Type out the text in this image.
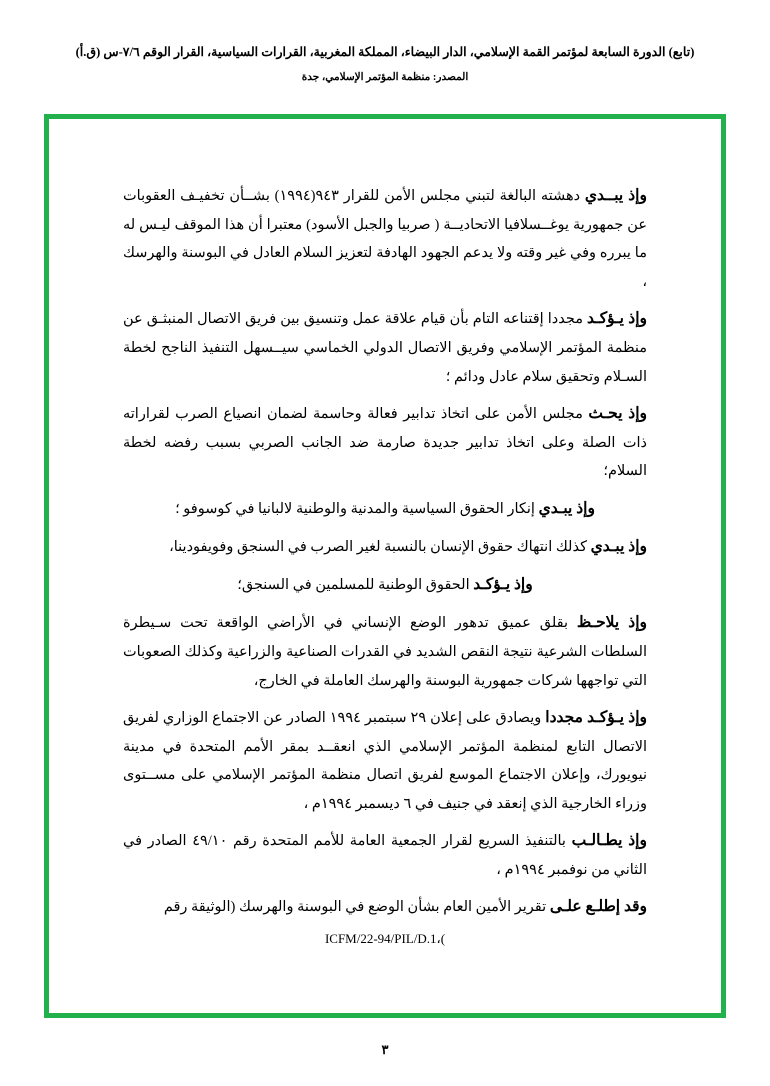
(تابع) الدورة السابعة لمؤتمر القمة الإسلامي، الدار البيضاء، المملكة المغربية، القرارات السياسية، القرار الوقم ٧/٦-س (ق.أ)
المصدر: منظمة المؤتمر الإسلامي، جدة

وإذ يبــدي دهشته البالغة لتبني مجلس الأمن للقرار ٩٤٣(١٩٩٤) بشــأن تخفيـف العقوبات عن جمهورية يوغــسلافيا الاتحاديــة ( صربيا والجبل الأسود) معتبرا أن هذا الموقف ليـس له ما يبرره وفي غير وقته ولا يدعم الجهود الهادفة لتعزيز السلام العادل في البوسنة والهرسك ،

وإذ يـؤكـد مجددا إقتناعه التام بأن قيام علاقة عمل وتنسيق بين فريق الاتصال المنبثـق عن منظمة المؤتمر الإسلامي وفريق الاتصال الدولي الخماسي سيــسهل التنفيذ الناجح لخطة السـلام وتحقيق سلام عادل ودائم ؛

وإذ يحـث مجلس الأمن على اتخاذ تدابير فعالة وحاسمة لضمان انصياع الصرب لقراراته ذات الصلة وعلى اتخاذ تدابير جديدة صارمة ضد الجانب الصربي بسبب رفضه لخطة السلام؛

وإذ يبـدي إنكار الحقوق السياسية والمدنية والوطنية لالبانيا في كوسوفو ؛

وإذ يبـدي كذلك انتهاك حقوق الإنسان بالنسبة لغير الصرب في السنجق وفويفودينا،

وإذ يـؤكـد الحقوق الوطنية للمسلمين في السنجق؛

وإذ يلاحـظ بقلق عميق تدهور الوضع الإنساني في الأراضي الواقعة تحت سـيطرة السلطات الشرعية نتيجة النقص الشديد في القدرات الصناعية والزراعية وكذلك الصعوبات التي تواجهها شركات جمهورية البوسنة والهرسك العاملة في الخارج،

وإذ يـؤكـد مجددا ويصادق على إعلان ٢٩ سبتمبر ١٩٩٤ الصادر عن الاجتماع الوزاري لفريق الاتصال التابع لمنظمة المؤتمر الإسلامي الذي انعقــد بمقر الأمم المتحدة في مدينة نيويورك، وإعلان الاجتماع الموسع لفريق اتصال منظمة المؤتمر الإسلامي على مســتوى وزراء الخارجية الذي إنعقد في جنيف في ٦ ديسمبر ١٩٩٤م ،

وإذ يطـالـب بالتنفيذ السريع لقرار الجمعية العامة للأمم المتحدة رقم ٤٩/١٠ الصادر في الثاني من نوفمبر ١٩٩٤م ،

وقد إطلـع علـى تقرير الأمين العام بشأن الوضع في البوسنة والهرسك (الوثيقة رقم

)،ICFM/22-94/PIL/D.1

٣
